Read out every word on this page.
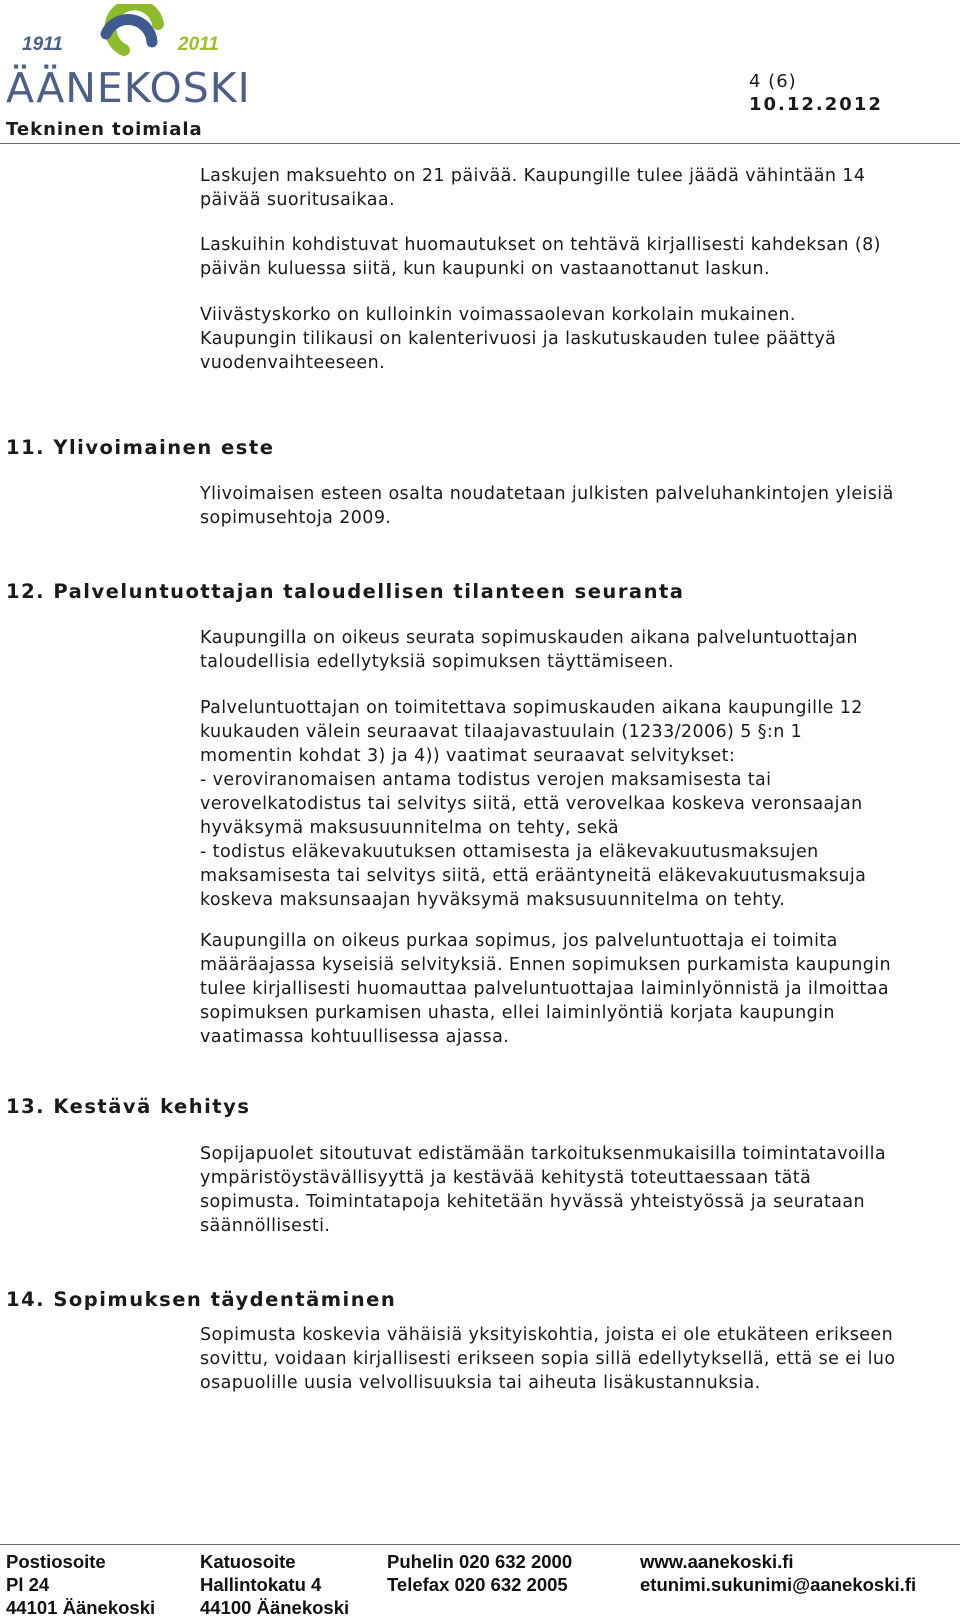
1911	2011
ÄÄNEKOSKI
Tekninen toimiala
4 (6)
10.12.2012
Laskujen maksuehto on 21 päivää. Kaupungille tulee jäädä vähintään 14
päivää suoritusaikaa.
Laskuihin kohdistuvat huomautukset on tehtävä kirjallisesti kahdeksan (8)
päivän kuluessa siitä, kun kaupunki on vastaanottanut laskun.
Viivästyskorko on kulloinkin voimassaolevan korkolain mukainen.
Kaupungin tilikausi on kalenterivuosi ja laskutuskauden tulee päättyä
vuodenvaihteeseen.
11. Ylivoimainen este
Ylivoimaisen esteen osalta noudatetaan julkisten palveluhankintojen yleisiä
sopimusehtoja 2009.
12. Palveluntuottajan taloudellisen tilanteen seuranta
Kaupungilla on oikeus seurata sopimuskauden aikana palveluntuottajan
taloudellisia edellytyksiä sopimuksen täyttämiseen.
Palveluntuottajan on toimitettava sopimuskauden aikana kaupungille 12
kuukauden välein seuraavat tilaajavastuulain (1233/2006) 5 §:n 1
momentin kohdat 3) ja 4)) vaatimat seuraavat selvitykset:
- veroviranomaisen antama todistus verojen maksamisesta tai
verovelkatodistus tai selvitys siitä, että verovelkaa koskeva veronsaajan
hyväksymä maksusuunnitelma on tehty, sekä
- todistus eläkevakuutuksen ottamisesta ja eläkevakuutusmaksujen
maksamisesta tai selvitys siitä, että erääntyneitä eläkevakuutusmaksuja
koskeva maksunsaajan hyväksymä maksusuunnitelma on tehty.
Kaupungilla on oikeus purkaa sopimus, jos palveluntuottaja ei toimita
määräajassa kyseisiä selvityksiä. Ennen sopimuksen purkamista kaupungin
tulee kirjallisesti huomauttaa palveluntuottajaa laiminlyönnistä ja ilmoittaa
sopimuksen purkamisen uhasta, ellei laiminlyöntiä korjata kaupungin
vaatimassa kohtuullisessa ajassa.
13. Kestävä kehitys
Sopijapuolet sitoutuvat edistämään tarkoituksenmukaisilla toimintatavoilla
ympäristöystävällisyyttä ja kestävää kehitystä toteuttaessaan tätä
sopimusta. Toimintatapoja kehitetään hyvässä yhteistyössä ja seurataan
säännöllisesti.
14. Sopimuksen täydentäminen
Sopimusta koskevia vähäisiä yksityiskohtia, joista ei ole etukäteen erikseen
sovittu, voidaan kirjallisesti erikseen sopia sillä edellytyksellä, että se ei luo
osapuolille uusia velvollisuuksia tai aiheuta lisäkustannuksia.
Postiosoite
Pl 24
44101 Äänekoski
Katuosoite
Hallintokatu 4
44100 Äänekoski
Puhelin 020 632 2000
Telefax 020 632 2005
www.aanekoski.fi
etunimi.sukunimi@aanekoski.fi
